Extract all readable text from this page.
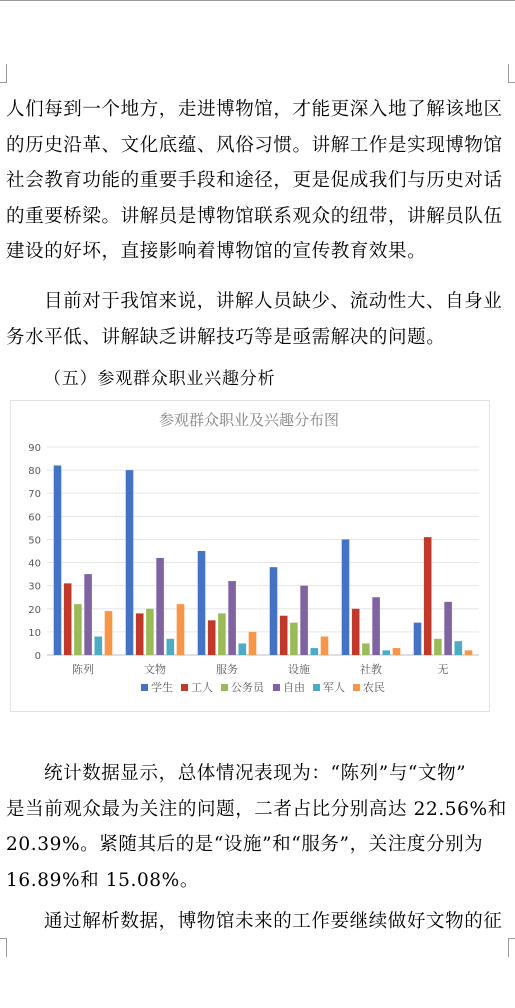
人们每到一个地方，走进博物馆，才能更深入地了解该地区
的历史沿革、文化底蕴、风俗习惯。讲解工作是实现博物馆
社会教育功能的重要手段和途径，更是促成我们与历史对话
的重要桥梁。讲解员是博物馆联系观众的纽带，讲解员队伍
建设的好坏，直接影响着博物馆的宣传教育效果。
目前对于我馆来说，讲解人员缺少、流动性大、自身业
务水平低、讲解缺乏讲解技巧等是亟需解决的问题。
（五）参观群众职业兴趣分析
参观群众职业及兴趣分布图
0
10
20
30
40
50
60
70
80
90
陈列	文物	服务	设施	社教	无
学生 工人 公务员 自由 军人 农民
统计数据显示，总体情况表现为：“陈列”与“文物”
是当前观众最为关注的问题，二者占比分别高达 22.56%和
20.39%。紧随其后的是“设施”和“服务”，关注度分别为
16.89%和 15.08%。
通过解析数据，博物馆未来的工作要继续做好文物的征
